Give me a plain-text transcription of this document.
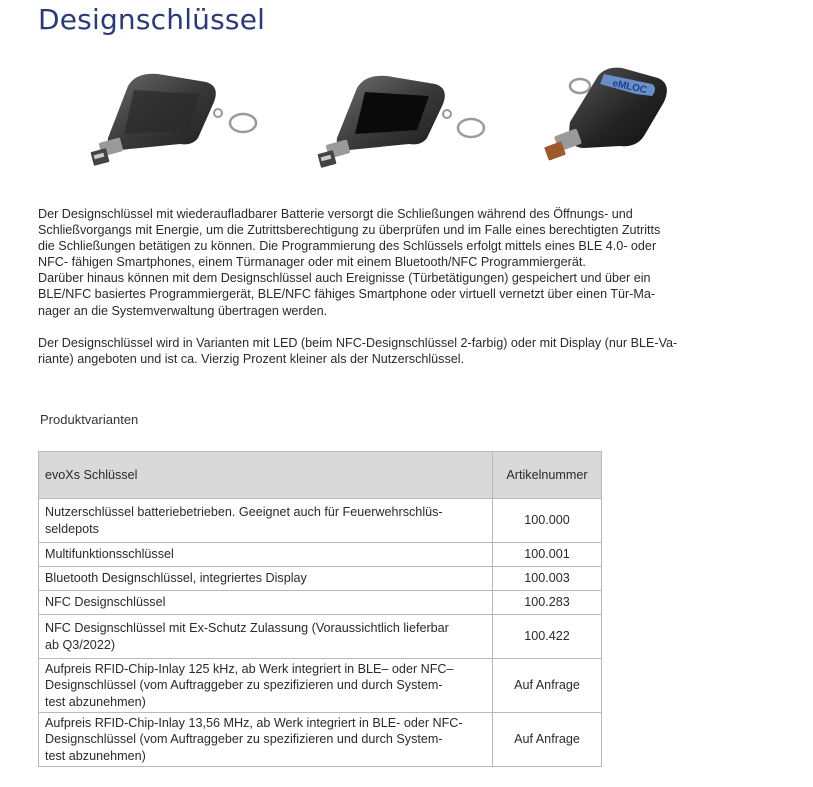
Designschlüssel
eMLOC

Der Designschlüssel mit wiederaufladbarer Batterie versorgt die Schließungen während des Öffnungs- und
Schließvorgangs mit Energie, um die Zutrittsberechtigung zu überprüfen und im Falle eines berechtigten Zutritts
die Schließungen betätigen zu können. Die Programmierung des Schlüssels erfolgt mittels eines BLE 4.0- oder
NFC- fähigen Smartphones, einem Türmanager oder mit einem Bluetooth/NFC Programmiergerät.
Darüber hinaus können mit dem Designschlüssel auch Ereignisse (Türbetätigungen) gespeichert und über ein
BLE/NFC basiertes Programmiergerät, BLE/NFC fähiges Smartphone oder virtuell vernetzt über einen Tür-Ma-
nager an die Systemverwaltung übertragen werden.

Der Designschlüssel wird in Varianten mit LED (beim NFC-Designschlüssel 2-farbig) oder mit Display (nur BLE-Va-
riante) angeboten und ist ca. Vierzig Prozent kleiner als der Nutzerschlüssel.

Produktvarianten
evoXs Schlüssel	Artikelnummer

Nutzerschlüssel batteriebetrieben. Geeignet auch für Feuerwehrschlüs-
seldepots	100.000

Multifunktionsschlüssel	100.001

Bluetooth Designschlüssel, integriertes Display	100.003

NFC Designschlüssel	100.283

NFC Designschlüssel mit Ex-Schutz Zulassung (Voraussichtlich lieferbar
ab Q3/2022)	100.422

Aufpreis RFID-Chip-Inlay 125 kHz, ab Werk integriert in BLE– oder NFC–
Designschlüssel (vom Auftraggeber zu spezifizieren und durch System-
test abzunehmen)	Auf Anfrage

Aufpreis RFID-Chip-Inlay 13,56 MHz, ab Werk integriert in BLE- oder NFC-
Designschlüssel (vom Auftraggeber zu spezifizieren und durch System-
test abzunehmen)	Auf Anfrage
